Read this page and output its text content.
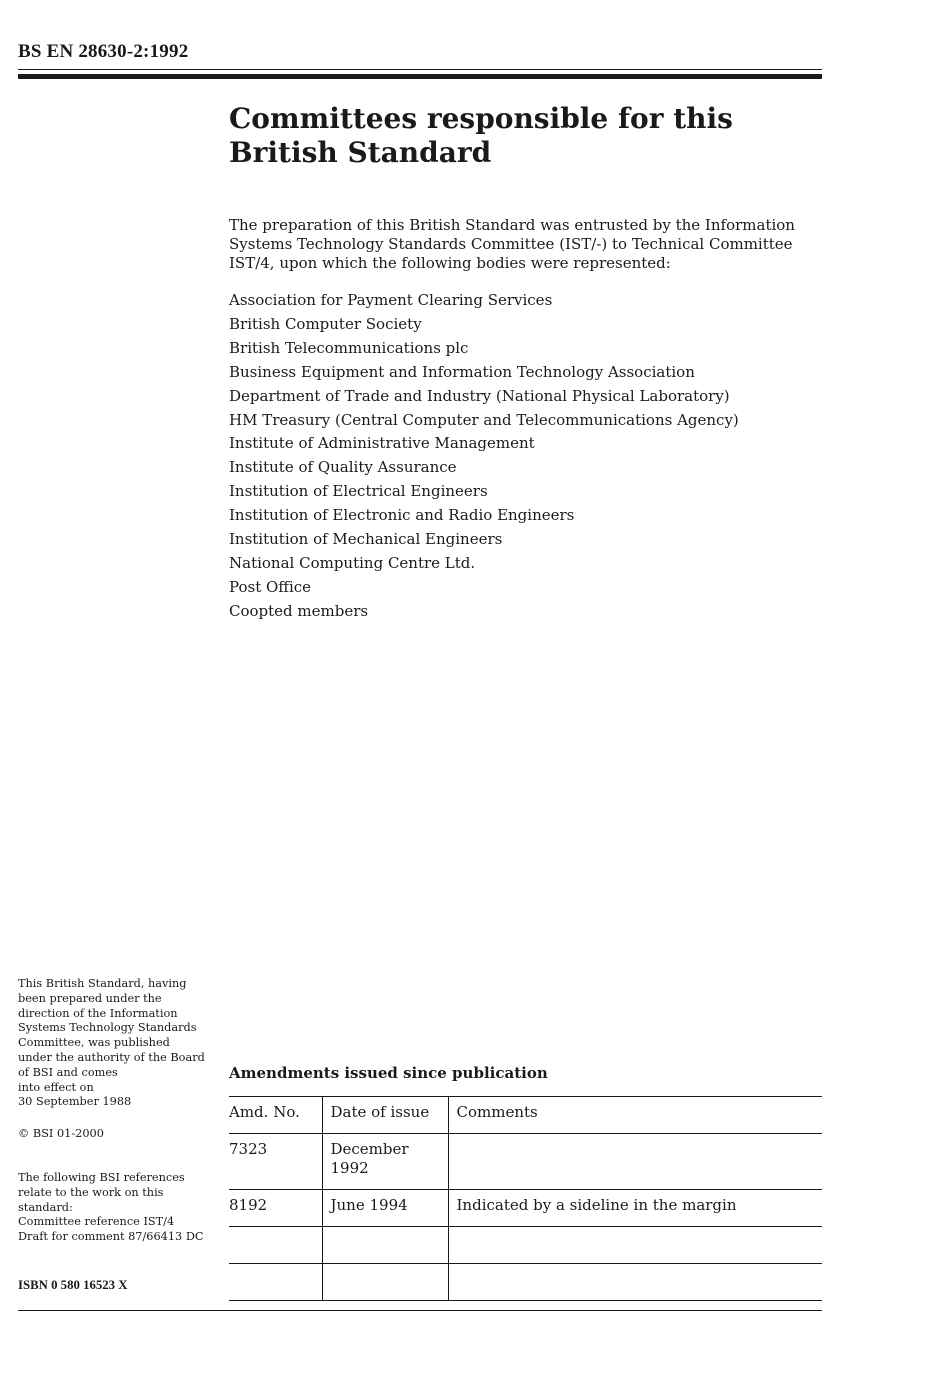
BS EN 28630-2:1992
Committees responsible for this
British Standard

The preparation of this British Standard was entrusted by the Information Systems Technology Standards Committee (IST/-) to Technical Committee IST/4, upon which the following bodies were represented:

Association for Payment Clearing Services
British Computer Society
British Telecommunications plc
Business Equipment and Information Technology Association
Department of Trade and Industry (National Physical Laboratory)
HM Treasury (Central Computer and Telecommunications Agency)
Institute of Administrative Management
Institute of Quality Assurance
Institution of Electrical Engineers
Institution of Electronic and Radio Engineers
Institution of Mechanical Engineers
National Computing Centre Ltd.
Post Office
Coopted members
This British Standard, having
been prepared under the
direction of the Information
Systems Technology Standards
Committee, was published
under the authority of the Board
of BSI and comes
into effect on
30 September 1988
© BSI 01-2000
The following BSI references
relate to the work on this
standard:
Committee reference IST/4
Draft for comment 87/66413 DC
ISBN 0 580 16523 X
Amendments issued since publication
Amd. No.	Date of issue	Comments
7323	December
1992	
8192	June 1994	Indicated by a sideline in the margin
